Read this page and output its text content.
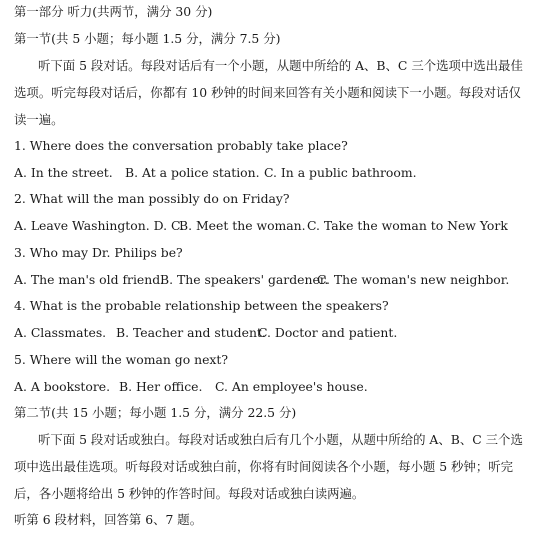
第一部分 听力(共两节，满分 30 分)
第一节(共 5 小题；每小题 1.5 分，满分 7.5 分)
听下面 5 段对话。每段对话后有一个小题，从题中所给的 A、B、C 三个选项中选出最佳
选项。听完每段对话后，你都有 10 秒钟的时间来回答有关小题和阅读下一小题。每段对话仅
读一遍。
1. Where does the conversation probably take place?
A. In the street. B. At a police station. C. In a public bathroom.
2. What will the man possibly do on Friday?
A. Leave Washington. D. C.
B. Meet the woman. C. Take the woman to New York
3. Who may Dr. Philips be?
A. The man's old friend.
B. The speakers' gardener.
C. The woman's new neighbor.
4. What is the probable relationship between the speakers?
A. Classmates. B. Teacher and student.
C. Doctor and patient.
5. Where will the woman go next?
A. A bookstore. B. Her office. C. An employee's house.
第二节(共 15 小题；每小题 1.5 分，满分 22.5 分)
听下面 5 段对话或独白。每段对话或独白后有几个小题，从题中所给的 A、B、C 三个选
项中选出最佳选项。听每段对话或独白前，你将有时间阅读各个小题，每小题 5 秒钟；听完
后，各小题将给出 5 秒钟的作答时间。每段对话或独白读两遍。
听第 6 段材料，回答第 6、7 题。
